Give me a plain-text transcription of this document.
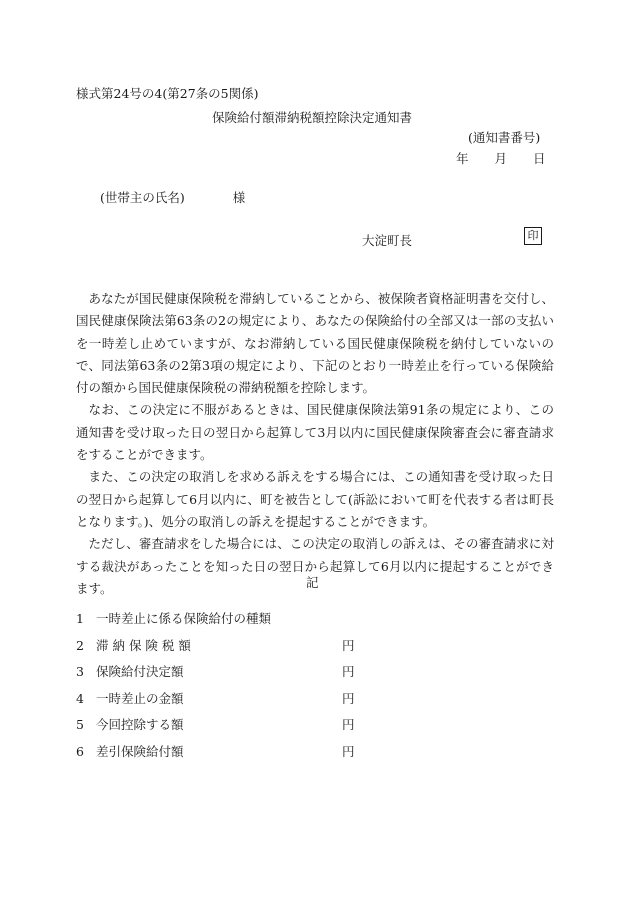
様式第24号の4(第27条の5関係)
保険給付額滞納税額控除決定通知書
(通知書番号)
年 月 日
(世帯主の氏名)	様
大淀町長	印

あなたが国民健康保険税を滞納していることから、被保険者資格証明書を交付し、国民健康保険法第63条の2の規定により、あなたの保険給付の全部又は一部の支払いを一時差し止めていますが、なお滞納している国民健康保険税を納付していないので、同法第63条の2第3項の規定により、下記のとおり一時差止を行っている保険給付の額から国民健康保険税の滞納税額を控除します。

なお、この決定に不服があるときは、国民健康保険法第91条の規定により、この通知書を受け取った日の翌日から起算して3月以内に国民健康保険審査会に審査請求をすることができます。

また、この決定の取消しを求める訴えをする場合には、この通知書を受け取った日の翌日から起算して6月以内に、町を被告として(訴訟において町を代表する者は町長となります。)、処分の取消しの訴えを提起することができます。

ただし、審査請求をした場合には、この決定の取消しの訴えは、その審査請求に対する裁決があったことを知った日の翌日から起算して6月以内に提起することができます。	記
1 一時差止に係る保険給付の種類
2 滞 納 保 険 税 額	円
3 保険給付決定額	円
4 一時差止の金額	円
5 今回控除する額	円
6 差引保険給付額	円
